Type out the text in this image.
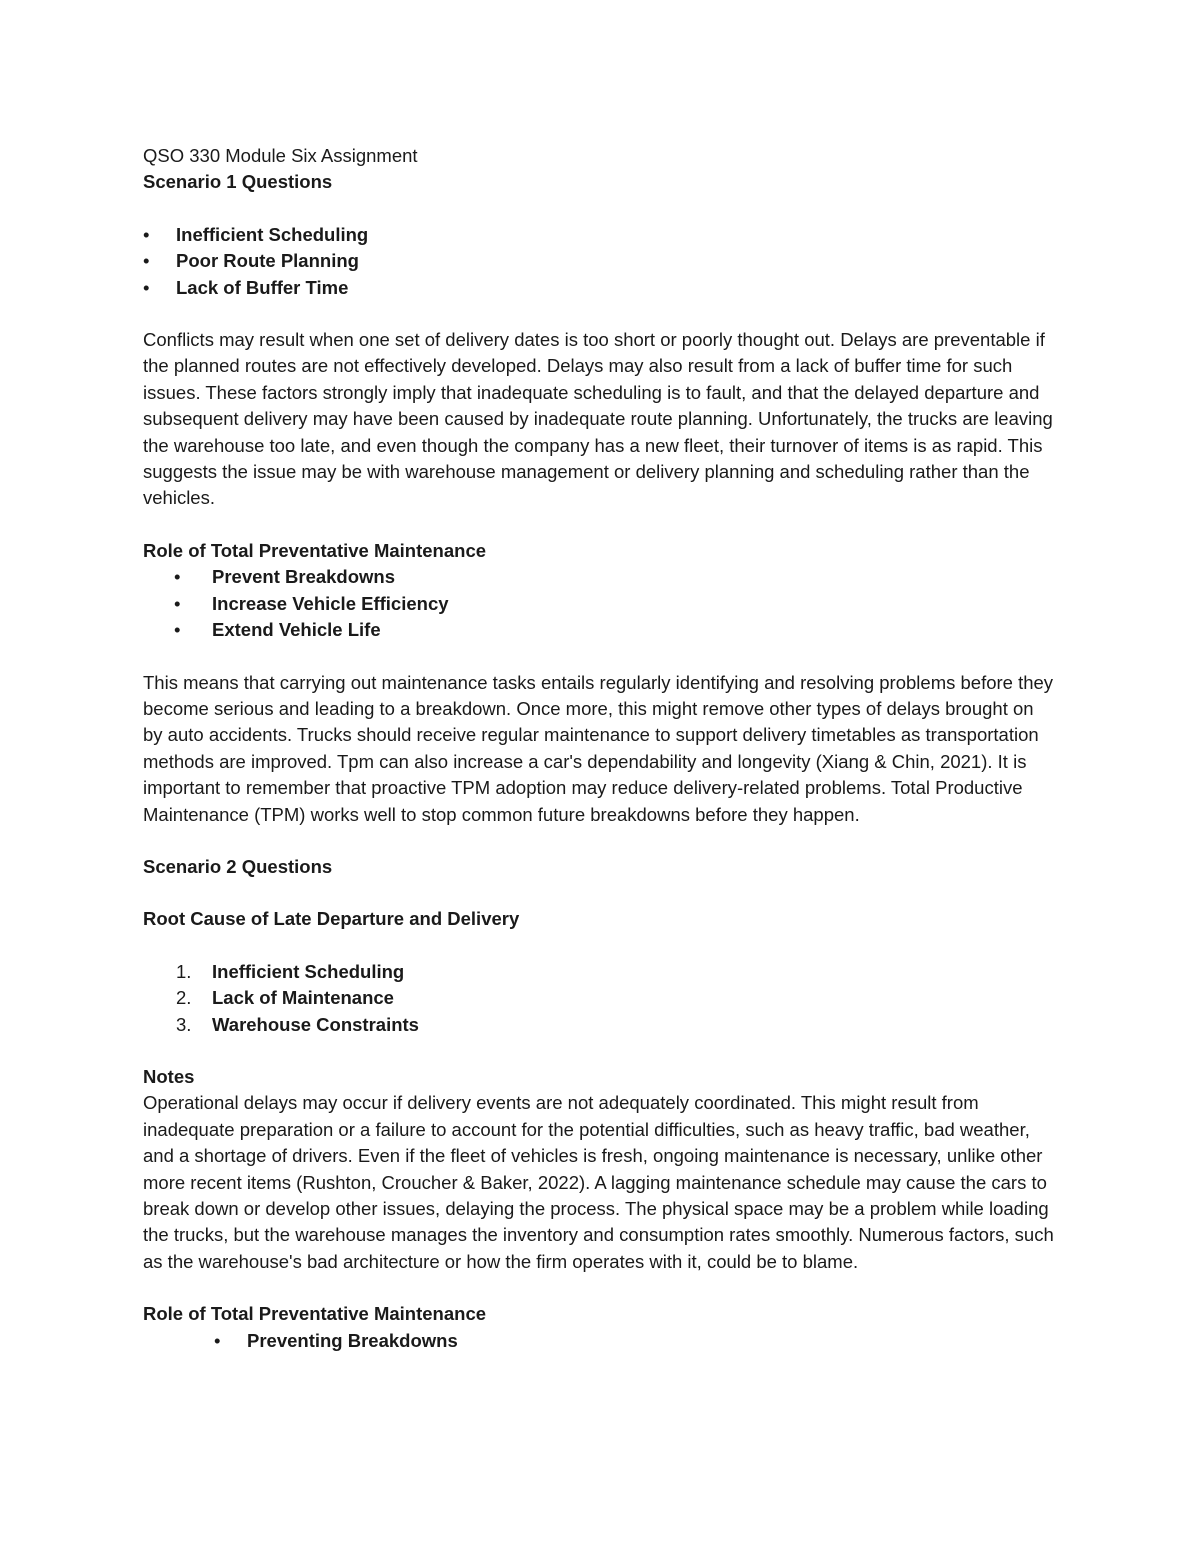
QSO 330 Module Six Assignment

Scenario 1 Questions

• Inefficient Scheduling
• Poor Route Planning
• Lack of Buffer Time

Conflicts may result when one set of delivery dates is too short or poorly thought out. Delays are preventable if the planned routes are not effectively developed. Delays may also result from a lack of buffer time for such issues. These factors strongly imply that inadequate scheduling is to fault, and that the delayed departure and subsequent delivery may have been caused by inadequate route planning. Unfortunately, the trucks are leaving the warehouse too late, and even though the company has a new fleet, their turnover of items is as rapid. This suggests the issue may be with warehouse management or delivery planning and scheduling rather than the vehicles.

Role of Total Preventative Maintenance

• Prevent Breakdowns
• Increase Vehicle Efficiency
• Extend Vehicle Life

This means that carrying out maintenance tasks entails regularly identifying and resolving problems before they become serious and leading to a breakdown. Once more, this might remove other types of delays brought on by auto accidents. Trucks should receive regular maintenance to support delivery timetables as transportation methods are improved. Tpm can also increase a car's dependability and longevity (Xiang & Chin, 2021). It is important to remember that proactive TPM adoption may reduce delivery-related problems. Total Productive Maintenance (TPM) works well to stop common future breakdowns before they happen.

Scenario 2 Questions

Root Cause of Late Departure and Delivery

1. Inefficient Scheduling
2. Lack of Maintenance
3. Warehouse Constraints

Notes

Operational delays may occur if delivery events are not adequately coordinated. This might result from inadequate preparation or a failure to account for the potential difficulties, such as heavy traffic, bad weather, and a shortage of drivers. Even if the fleet of vehicles is fresh, ongoing maintenance is necessary, unlike other more recent items (Rushton, Croucher & Baker, 2022). A lagging maintenance schedule may cause the cars to break down or develop other issues, delaying the process. The physical space may be a problem while loading the trucks, but the warehouse manages the inventory and consumption rates smoothly. Numerous factors, such as the warehouse's bad architecture or how the firm operates with it, could be to blame.

Role of Total Preventative Maintenance

• Preventing Breakdowns
